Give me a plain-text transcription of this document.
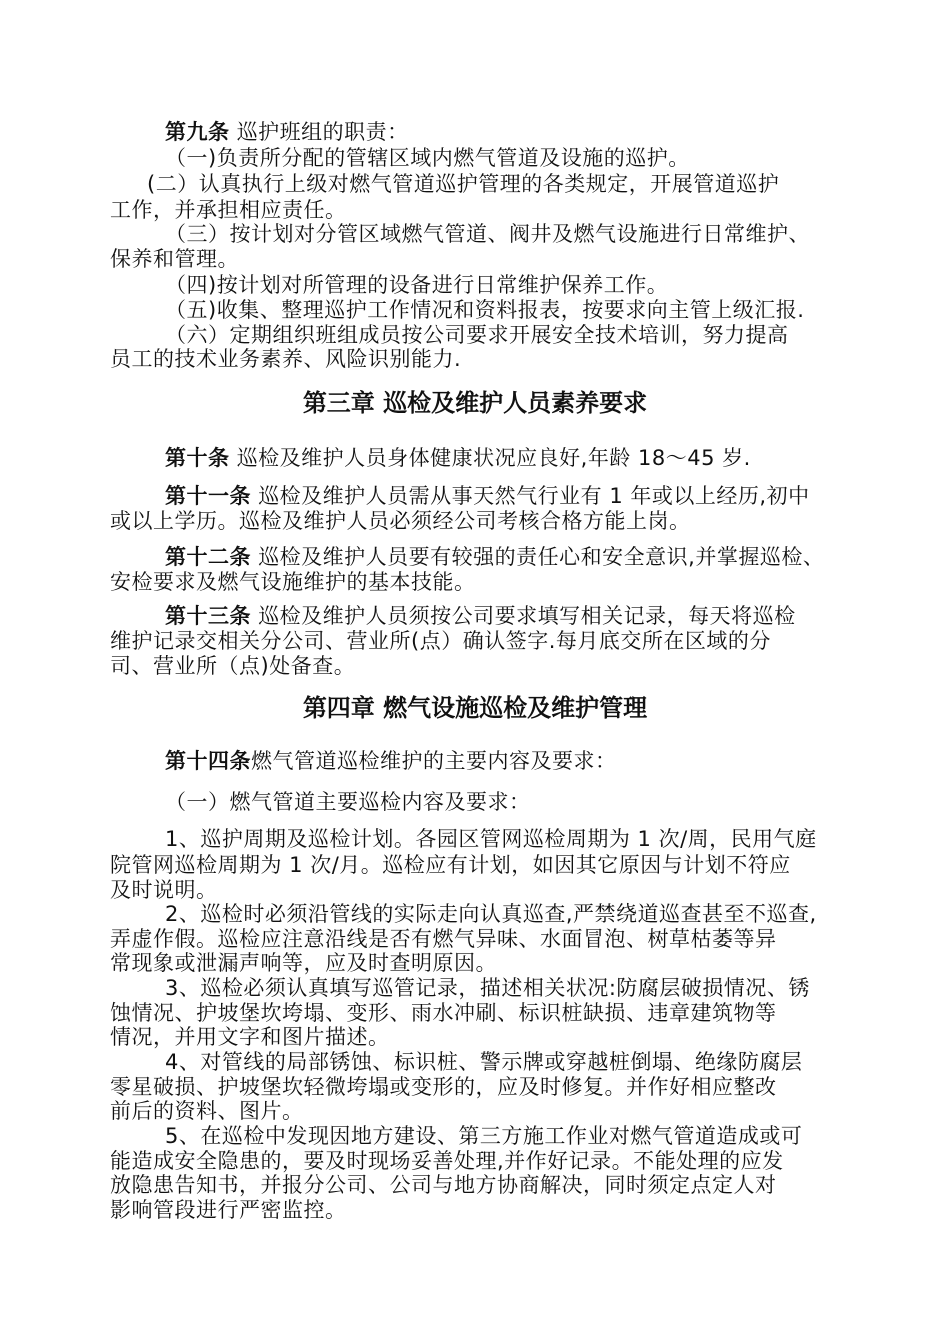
第九条 巡护班组的职责：
（一)负责所分配的管辖区域内燃气管道及设施的巡护。
(二）认真执行上级对燃气管道巡护管理的各类规定，开展管道巡护
工作，并承担相应责任。
（三）按计划对分管区域燃气管道、阀井及燃气设施进行日常维护、
保养和管理。
（四)按计划对所管理的设备进行日常维护保养工作。
（五)收集、整理巡护工作情况和资料报表，按要求向主管上级汇报.
（六）定期组织班组成员按公司要求开展安全技术培训，努力提高
员工的技术业务素养、风险识别能力.
第三章 巡检及维护人员素养要求
第十条 巡检及维护人员身体健康状况应良好,年龄 18～45 岁.
第十一条 巡检及维护人员需从事天然气行业有 1 年或以上经历,初中
或以上学历。巡检及维护人员必须经公司考核合格方能上岗。
第十二条 巡检及维护人员要有较强的责任心和安全意识,并掌握巡检、
安检要求及燃气设施维护的基本技能。
第十三条 巡检及维护人员须按公司要求填写相关记录，每天将巡检
维护记录交相关分公司、营业所(点）确认签字.每月底交所在区域的分
司、营业所（点)处备查。
第四章 燃气设施巡检及维护管理
第十四条燃气管道巡检维护的主要内容及要求：
（一）燃气管道主要巡检内容及要求：
1、巡护周期及巡检计划。各园区管网巡检周期为 1 次/周，民用气庭
院管网巡检周期为 1 次/月。巡检应有计划，如因其它原因与计划不符应
及时说明。
2、巡检时必须沿管线的实际走向认真巡查,严禁绕道巡查甚至不巡查,
弄虚作假。巡检应注意沿线是否有燃气异味、水面冒泡、树草枯萎等异
常现象或泄漏声响等，应及时查明原因。
3、巡检必须认真填写巡管记录，描述相关状况:防腐层破损情况、锈
蚀情况、护坡堡坎垮塌、变形、雨水冲刷、标识桩缺损、违章建筑物等
情况，并用文字和图片描述。
4、对管线的局部锈蚀、标识桩、警示牌或穿越桩倒塌、绝缘防腐层
零星破损、护坡堡坎轻微垮塌或变形的，应及时修复。并作好相应整改
前后的资料、图片。
5、在巡检中发现因地方建设、第三方施工作业对燃气管道造成或可
能造成安全隐患的，要及时现场妥善处理,并作好记录。不能处理的应发
放隐患告知书，并报分公司、公司与地方协商解决，同时须定点定人对
影响管段进行严密监控。
